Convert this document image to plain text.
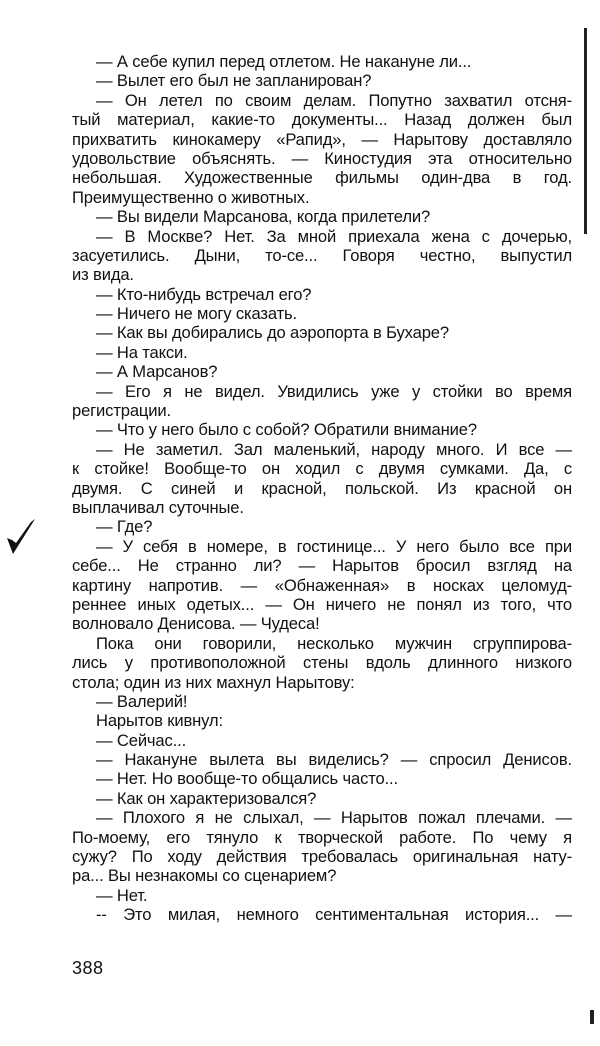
— А себе купил перед отлетом. Не накануне ли...
— Вылет его был не запланирован?
— Он летел по своим делам. Попутно захватил отсня-
тый материал, какие-то документы... Назад должен был
прихватить кинокамеру «Рапид», — Нарытову доставляло
удовольствие объяснять. — Киностудия эта относительно
небольшая. Художественные фильмы один-два в год.
Преимущественно о животных.
— Вы видели Марсанова, когда прилетели?
— В Москве? Нет. За мной приехала жена с дочерью,
засуетились. Дыни, то-се... Говоря честно, выпустил
из вида.
— Кто-нибудь встречал его?
— Ничего не могу сказать.
— Как вы добирались до аэропорта в Бухаре?
— На такси.
— А Марсанов?
— Его я не видел. Увидились уже у стойки во время
регистрации.
— Что у него было с собой? Обратили внимание?
— Не заметил. Зал маленький, народу много. И все —
к стойке! Вообще-то он ходил с двумя сумками. Да, с
двумя. С синей и красной, польской. Из красной он
выплачивал суточные.
— Где?
— У себя в номере, в гостинице... У него было все при
себе... Не странно ли? — Нарытов бросил взгляд на
картину напротив. — «Обнаженная» в носках целомуд-
реннее иных одетых... — Он ничего не понял из того, что
волновало Денисова. — Чудеса!
Пока они говорили, несколько мужчин сгруппирова-
лись у противоположной стены вдоль длинного низкого
стола; один из них махнул Нарытову:
— Валерий!
Нарытов кивнул:
— Сейчас...
— Накануне вылета вы виделись? — спросил Денисов.
— Нет. Но вообще-то общались часто...
— Как он характеризовался?
— Плохого я не слыхал, — Нарытов пожал плечами. —
По-моему, его тянуло к творческой работе. По чему я
сужу? По ходу действия требовалась оригинальная нату-
ра... Вы незнакомы со сценарием?
— Нет.
-- Это милая, немного сентиментальная история... —
388
